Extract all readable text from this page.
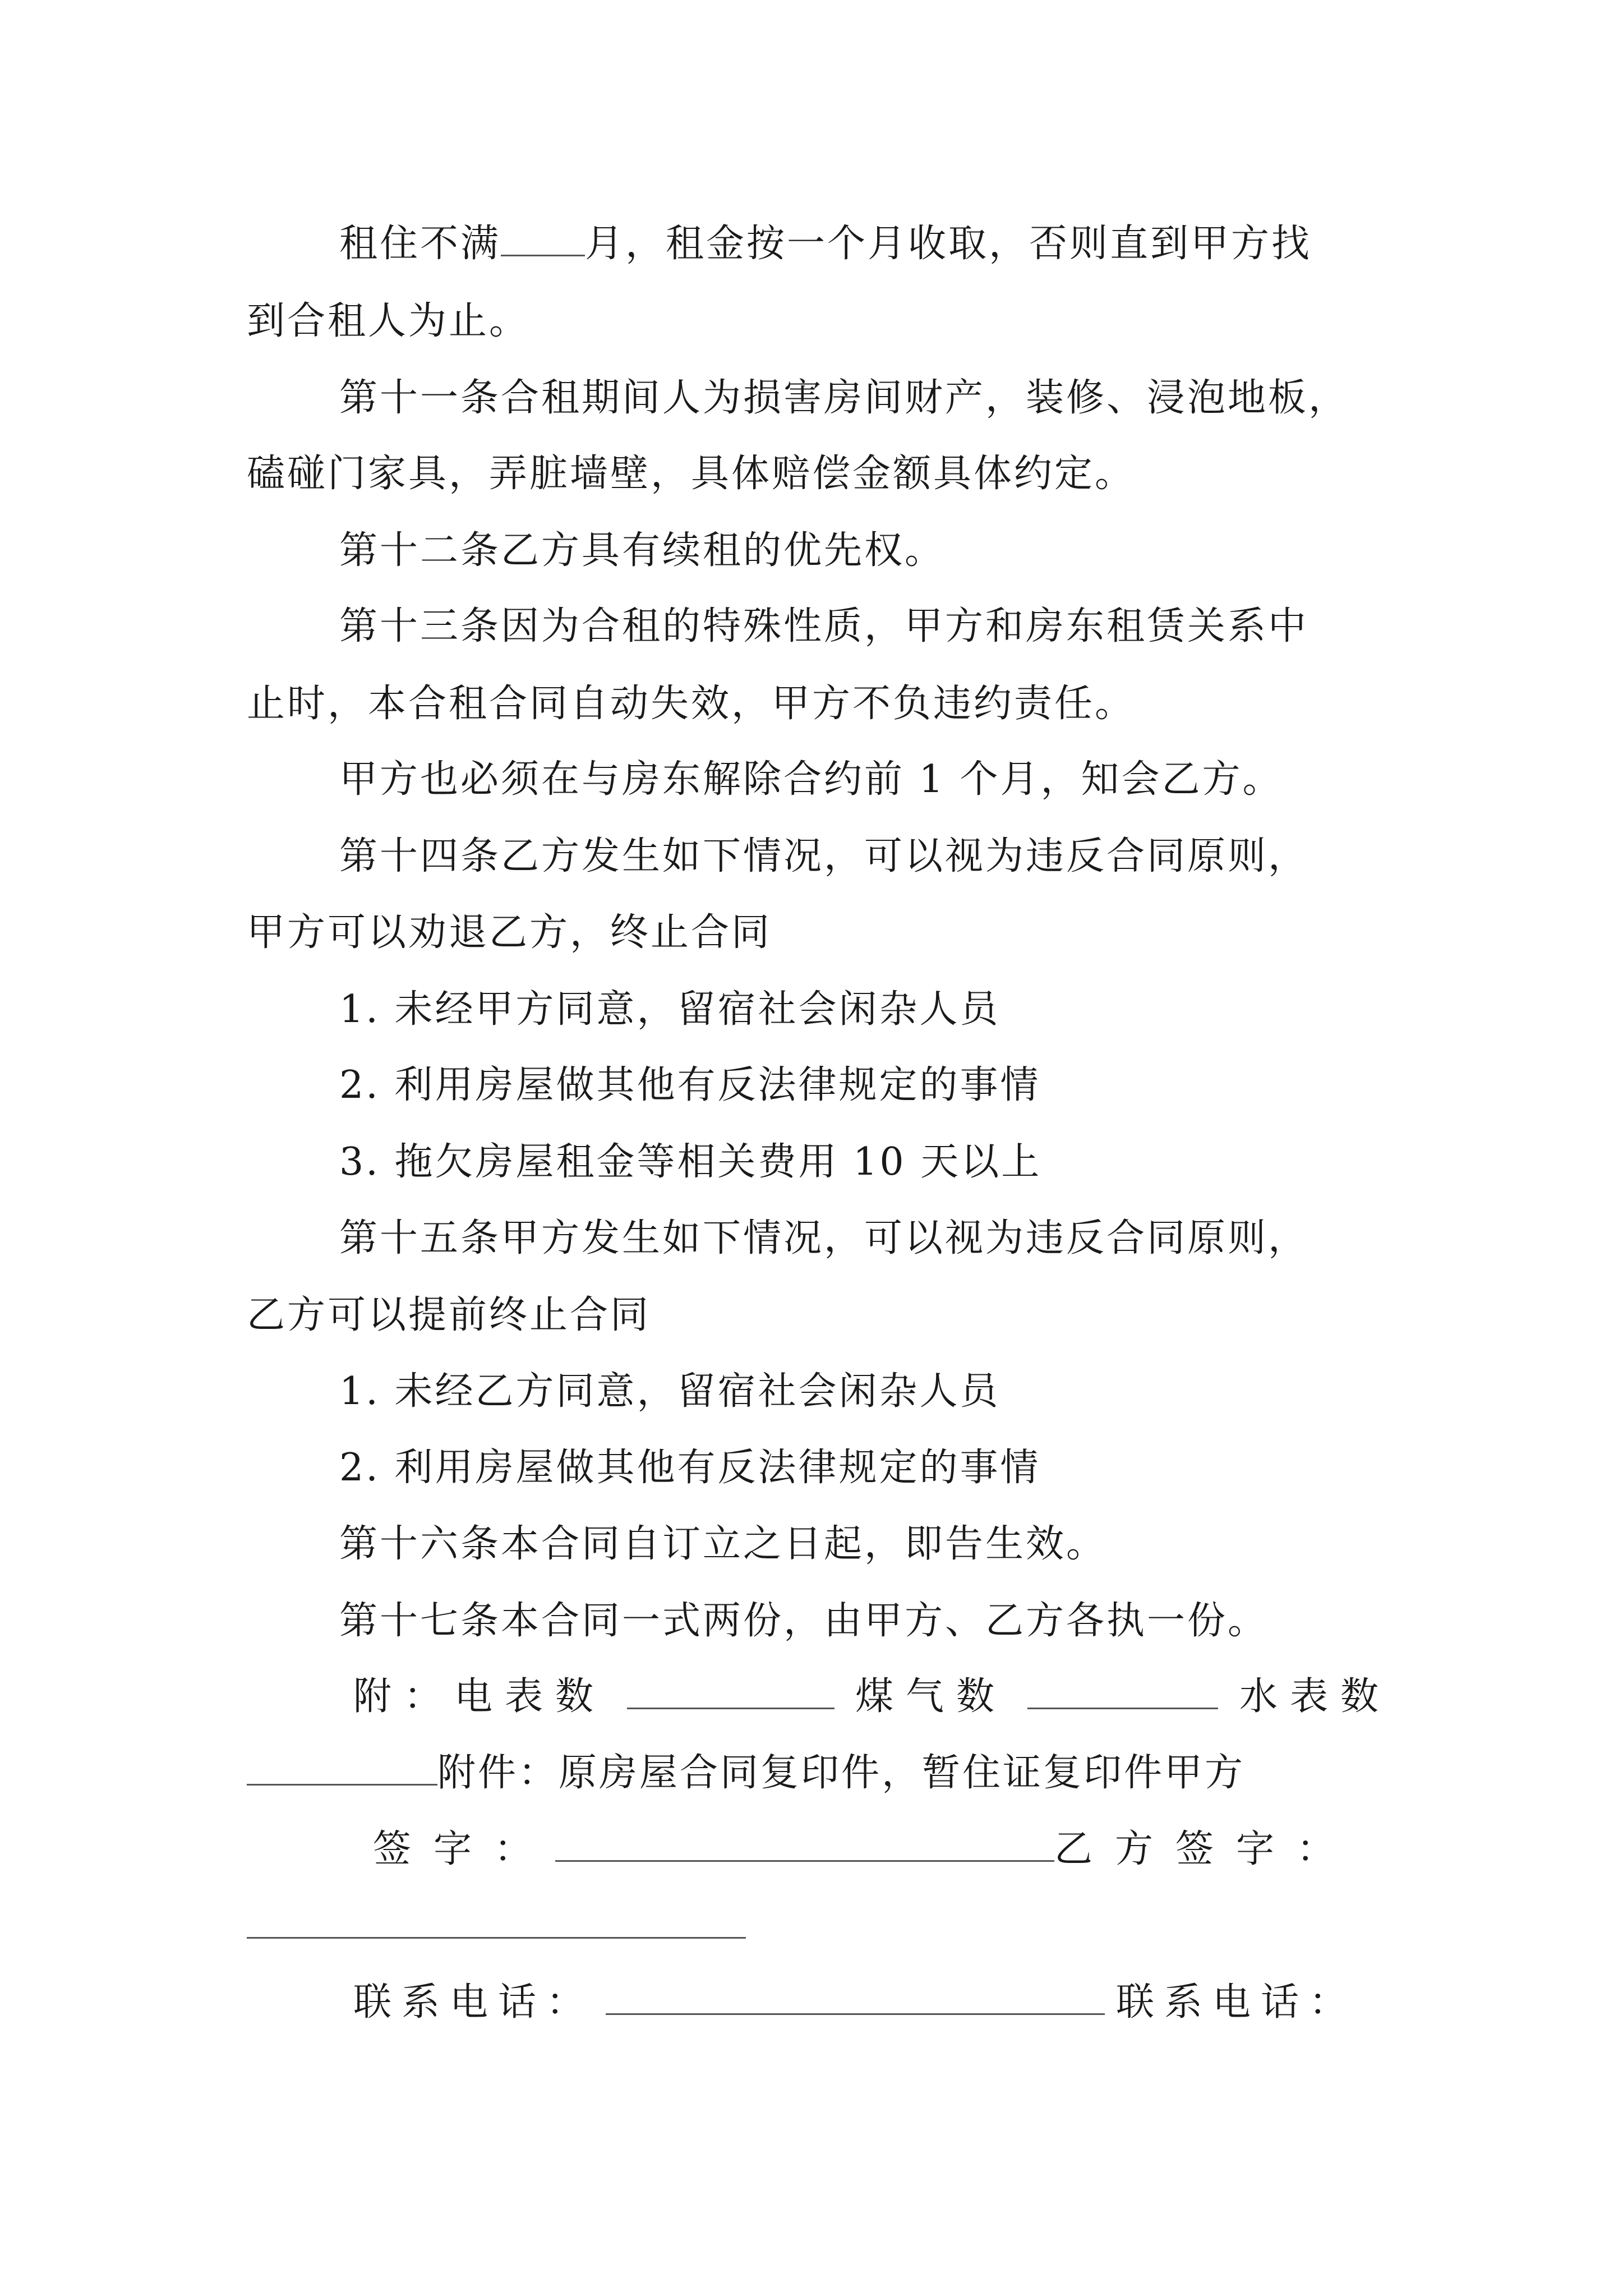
租住不满 月，租金按一个月收取，否则直到甲方找
到合租人为止。
第十一条合租期间人为损害房间财产，装修、浸泡地板，
磕碰门家具，弄脏墙壁，具体赔偿金额具体约定。
第十二条乙方具有续租的优先权。
第十三条因为合租的特殊性质，甲方和房东租赁关系中
止时，本合租合同自动失效，甲方不负违约责任。
甲方也必须在与房东解除合约前 1 个月，知会乙方。
第十四条乙方发生如下情况，可以视为违反合同原则，
甲方可以劝退乙方，终止合同
1. 未经甲方同意，留宿社会闲杂人员
2. 利用房屋做其他有反法律规定的事情
3. 拖欠房屋租金等相关费用 10 天以上
第十五条甲方发生如下情况，可以视为违反合同原则，
乙方可以提前终止合同
1. 未经乙方同意，留宿社会闲杂人员
2. 利用房屋做其他有反法律规定的事情
第十六条本合同自订立之日起，即告生效。
第十七条本合同一式两份，由甲方、乙方各执一份。
附：电表数	煤气数	水表数
附件：原房屋合同复印件，暂住证复印件甲方
签字：	乙方签字：
联系电话：	联系电话：
